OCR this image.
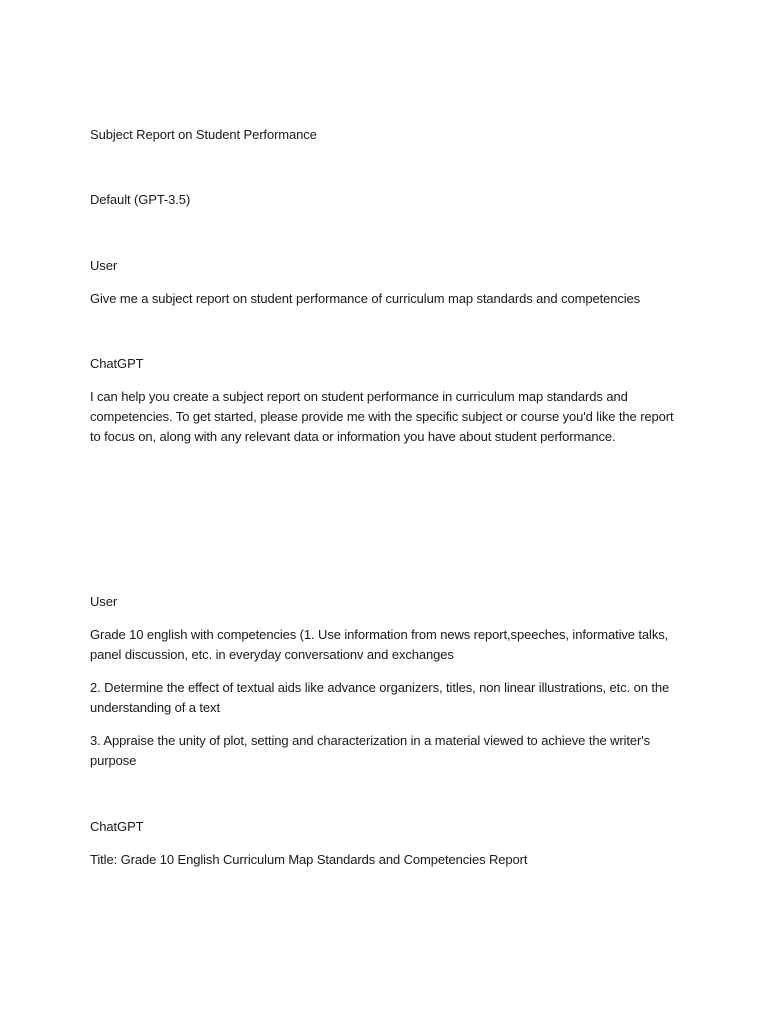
Subject Report on Student Performance
Default (GPT-3.5)
User
Give me a subject report on student performance of curriculum map standards and competencies
ChatGPT
I can help you create a subject report on student performance in curriculum map standards and competencies. To get started, please provide me with the specific subject or course you'd like the report to focus on, along with any relevant data or information you have about student performance.
User
Grade 10 english with competencies (1. Use information from news report,speeches, informative talks, panel discussion, etc. in everyday conversationv and exchanges
2. Determine the effect of textual aids like advance organizers, titles, non linear illustrations, etc. on the understanding of a text
3. Appraise the unity of plot, setting and characterization in a material viewed to achieve the writer's purpose
ChatGPT
Title: Grade 10 English Curriculum Map Standards and Competencies Report
